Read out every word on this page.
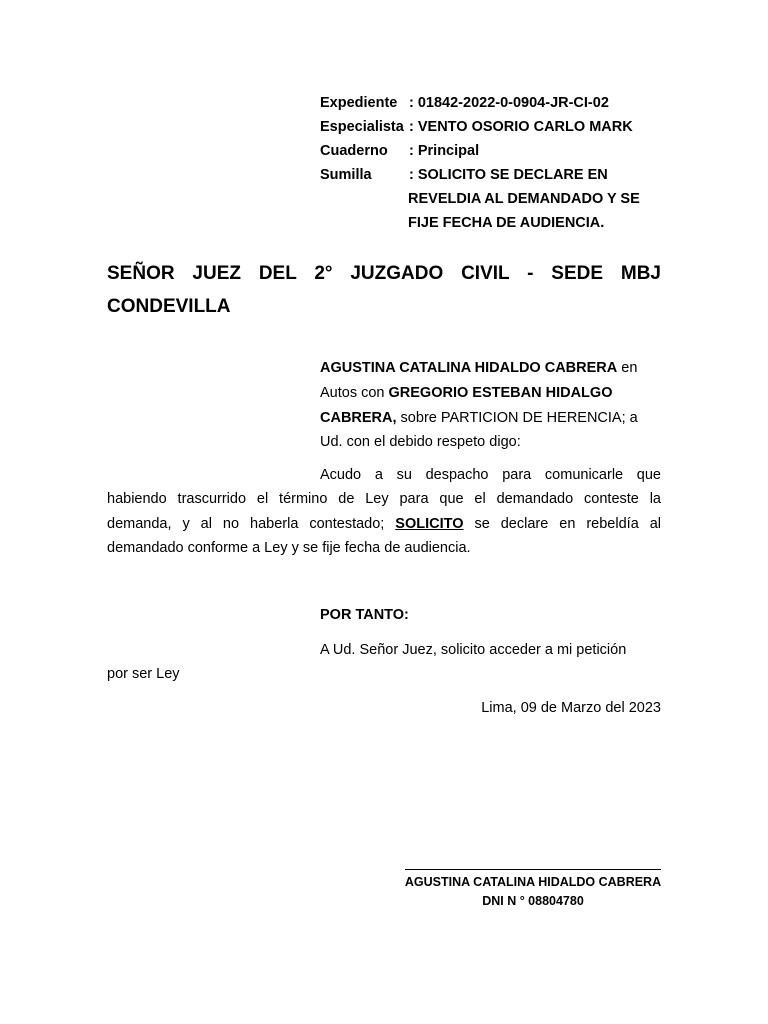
Expediente : 01842-2022-0-0904-JR-CI-02
Especialista : VENTO OSORIO CARLO MARK
Cuaderno	: Principal
Sumilla	: SOLICITO SE DECLARE EN
REVELDIA AL DEMANDADO Y SE
FIJE FECHA DE AUDIENCIA.
SEÑOR JUEZ DEL 2° JUZGADO CIVIL - SEDE MBJ
CONDEVILLA
AGUSTINA CATALINA HIDALDO CABRERA en
Autos con GREGORIO ESTEBAN HIDALGO
CABRERA, sobre PARTICION DE HERENCIA; a
Ud. con el debido respeto digo:
Acudo a su despacho para comunicarle que
habiendo trascurrido el término de Ley para que el demandado conteste la
demanda, y al no haberla contestado; SOLICITO se declare en rebeldía al
demandado conforme a Ley y se fije fecha de audiencia.
POR TANTO:
A Ud. Señor Juez, solicito acceder a mi petición
por ser Ley
Lima, 09 de Marzo del 2023
AGUSTINA CATALINA HIDALDO CABRERA
DNI N ° 08804780
